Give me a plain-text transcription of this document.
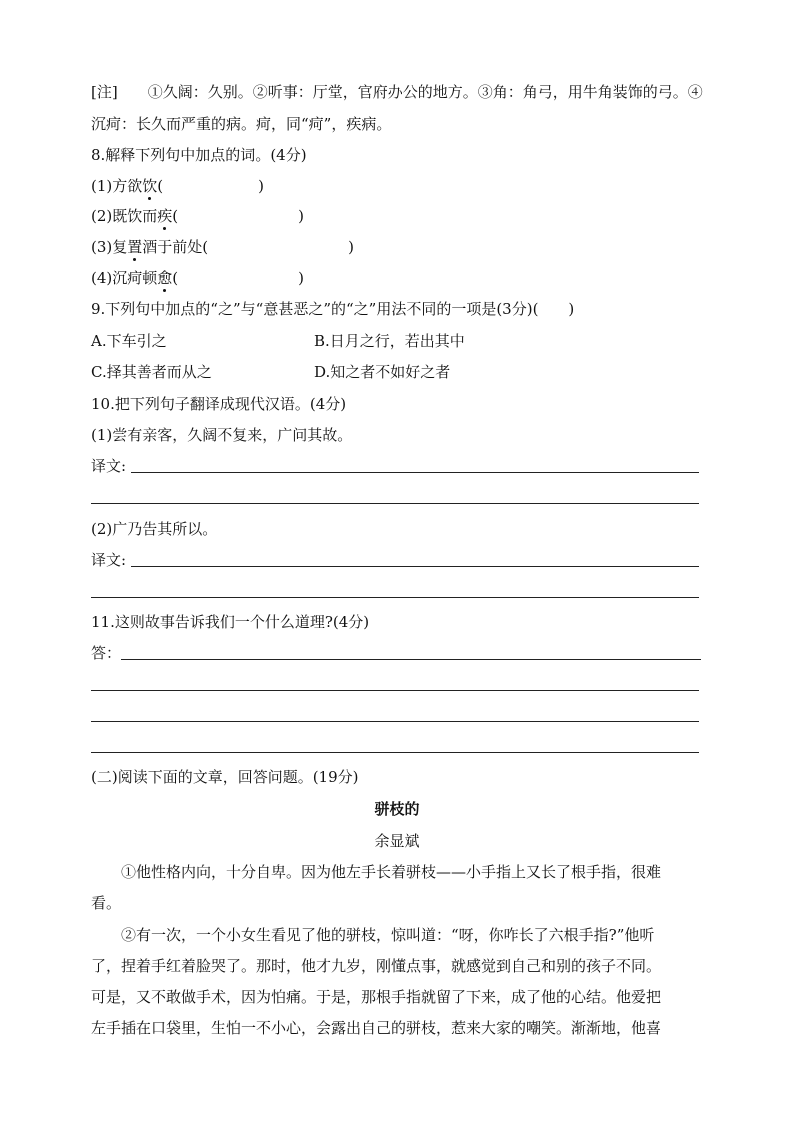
[注]　　①久阔：久别。②听事：厅堂，官府办公的地方。③角：角弓，用牛角装饰的弓。④
沉疴：长久而严重的病。疴，同“疴”，疾病。
8.解释下列句中加点的词。(4分)
(1)方欲饮(	)
(2)既饮而疾(	)
(3)复置酒于前处(	)
(4)沉疴顿愈(	)
9.下列句中加点的“之”与“意甚恶之”的“之”用法不同的一项是(3分)(　　)
A.下车引之	B.日月之行，若出其中
C.择其善者而从之	D.知之者不如好之者
10.把下列句子翻译成现代汉语。(4分)
(1)尝有亲客，久阔不复来，广问其故。
译文:
(2)广乃告其所以。
译文:
11.这则故事告诉我们一个什么道理?(4分)
答：
(二)阅读下面的文章，回答问题。(19分)
骈枝的
余显斌
　　①他性格内向，十分自卑。因为他左手长着骈枝——小手指上又长了根手指，很难
看。
　　②有一次，一个小女生看见了他的骈枝，惊叫道：“呀，你咋长了六根手指?”他听
了，捏着手红着脸哭了。那时，他才九岁，刚懂点事，就感觉到自己和别的孩子不同。
可是，又不敢做手术，因为怕痛。于是，那根手指就留了下来，成了他的心结。他爱把
左手插在口袋里，生怕一不小心，会露出自己的骈枝，惹来大家的嘲笑。渐渐地，他喜
